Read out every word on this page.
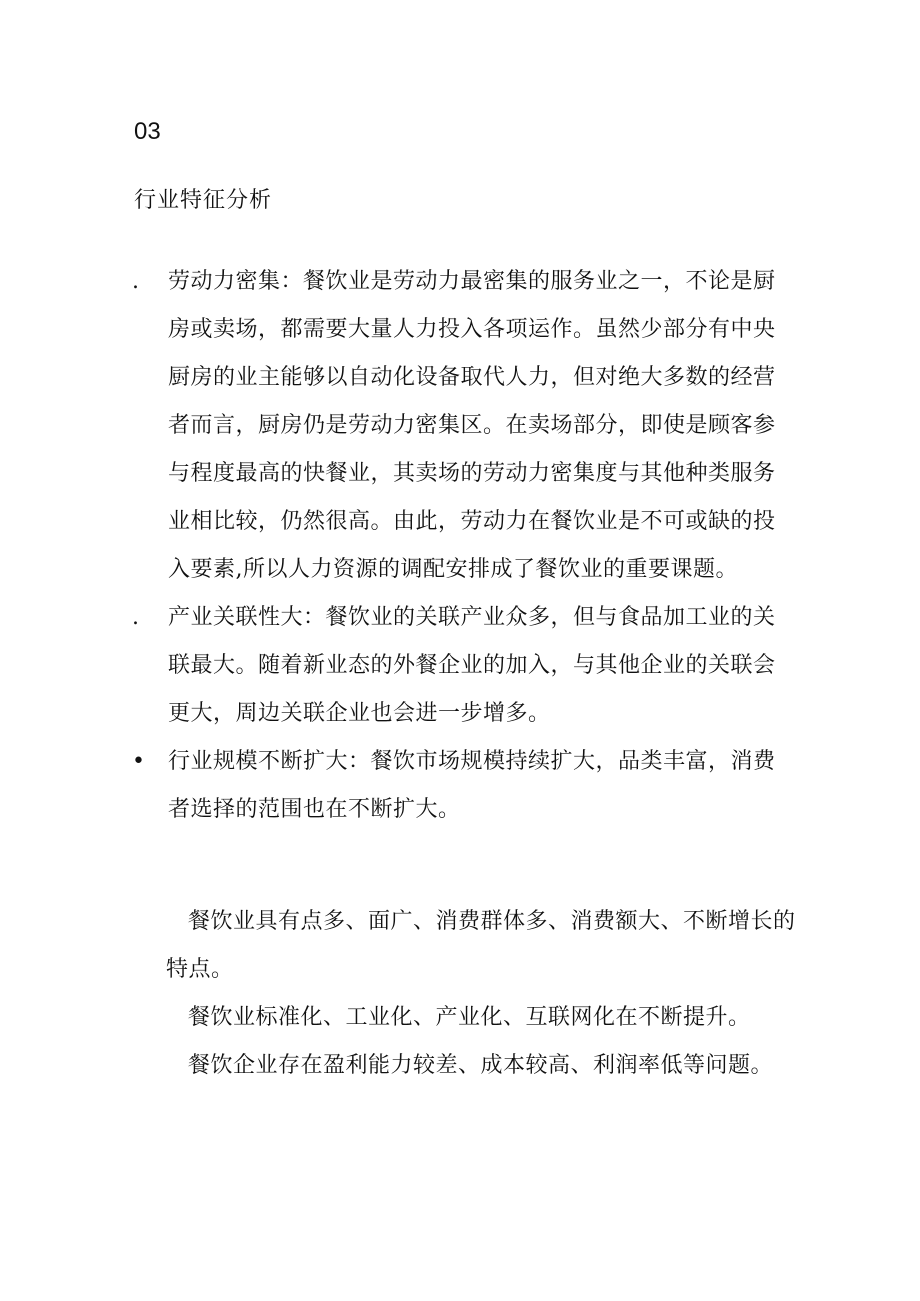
03
行业特征分析
.	劳动力密集：餐饮业是劳动力最密集的服务业之一，不论是厨房或卖场，都需要大量人力投入各项运作。虽然少部分有中央厨房的业主能够以自动化设备取代人力，但对绝大多数的经营者而言，厨房仍是劳动力密集区。在卖场部分，即使是顾客参与程度最高的快餐业，其卖场的劳动力密集度与其他种类服务业相比较，仍然很高。由此，劳动力在餐饮业是不可或缺的投入要素,所以人力资源的调配安排成了餐饮业的重要课题。
.	产业关联性大：餐饮业的关联产业众多，但与食品加工业的关联最大。随着新业态的外餐企业的加入，与其他企业的关联会更大，周边关联企业也会进一步增多。
• 行业规模不断扩大：餐饮市场规模持续扩大，品类丰富，消费者选择的范围也在不断扩大。

餐饮业具有点多、面广、消费群体多、消费额大、不断增长的特点。

餐饮业标准化、工业化、产业化、互联网化在不断提升。

餐饮企业存在盈利能力较差、成本较高、利润率低等问题。
